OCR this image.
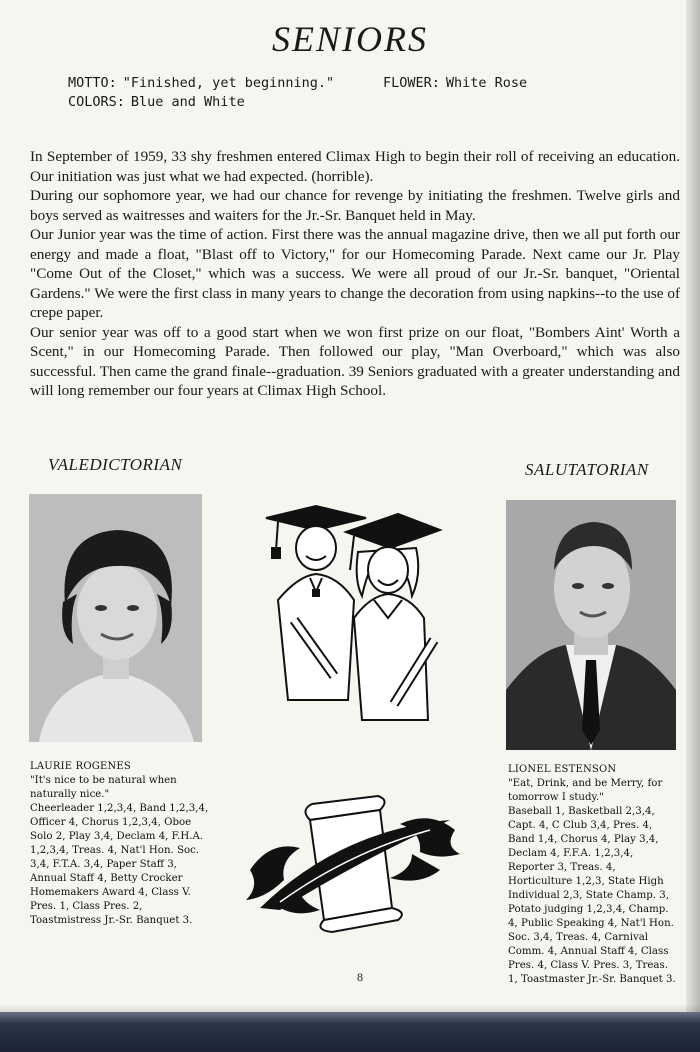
SENIORS
MOTTO: "Finished, yet beginning."	FLOWER: White Rose
COLORS: Blue and White

In September of 1959, 33 shy freshmen entered Climax High to begin their roll of receiving an education. Our initiation was just what we had expected. (horrible).

During our sophomore year, we had our chance for revenge by initiating the freshmen. Twelve girls and boys served as waitresses and waiters for the Jr.-Sr. Banquet held in May.

Our Junior year was the time of action. First there was the annual magazine drive, then we all put forth our energy and made a float, "Blast off to Victory," for our Homecoming Parade. Next came our Jr. Play "Come Out of the Closet," which was a success. We were all proud of our Jr.-Sr. banquet, "Oriental Gardens." We were the first class in many years to change the decoration from using napkins--to the use of crepe paper.

Our senior year was off to a good start when we won first prize on our float, "Bombers Aint' Worth a Scent," in our Homecoming Parade. Then followed our play, "Man Overboard," which was also successful. Then came the grand finale--graduation. 39 Seniors graduated with a greater understanding and will long remember our four years at Climax High School.

VALEDICTORIAN	SALUTATORIAN

LAURIE ROGENES

"It's nice to be natural when naturally nice."

Cheerleader 1,2,3,4, Band 1,2,3,4, Officer 4, Chorus 1,2,3,4, Oboe Solo 2, Play 3,4, Declam 4, F.H.A. 1,2,3,4, Treas. 4, Nat'l Hon. Soc. 3,4, F.T.A. 3,4, Paper Staff 3, Annual Staff 4, Betty Crocker Homemakers Award 4, Class V. Pres. 1, Class Pres. 2, Toastmistress Jr.-Sr. Banquet 3.

LIONEL ESTENSON

"Eat, Drink, and be Merry, for tomorrow I study."

Baseball 1, Basketball 2,3,4, Capt. 4, C Club 3,4, Pres. 4, Band 1,4, Chorus 4, Play 3,4, Declam 4, F.F.A. 1,2,3,4, Reporter 3, Treas. 4, Horticulture 1,2,3, State High Individual 2,3, State Champ. 3, Potato judging 1,2,3,4, Champ. 4, Public Speaking 4, Nat'l Hon. Soc. 3,4, Treas. 4, Carnival Comm. 4, Annual Staff 4, Class Pres. 4, Class V. Pres. 3, Treas. 1, Toastmaster Jr.-Sr. Banquet 3.

8
